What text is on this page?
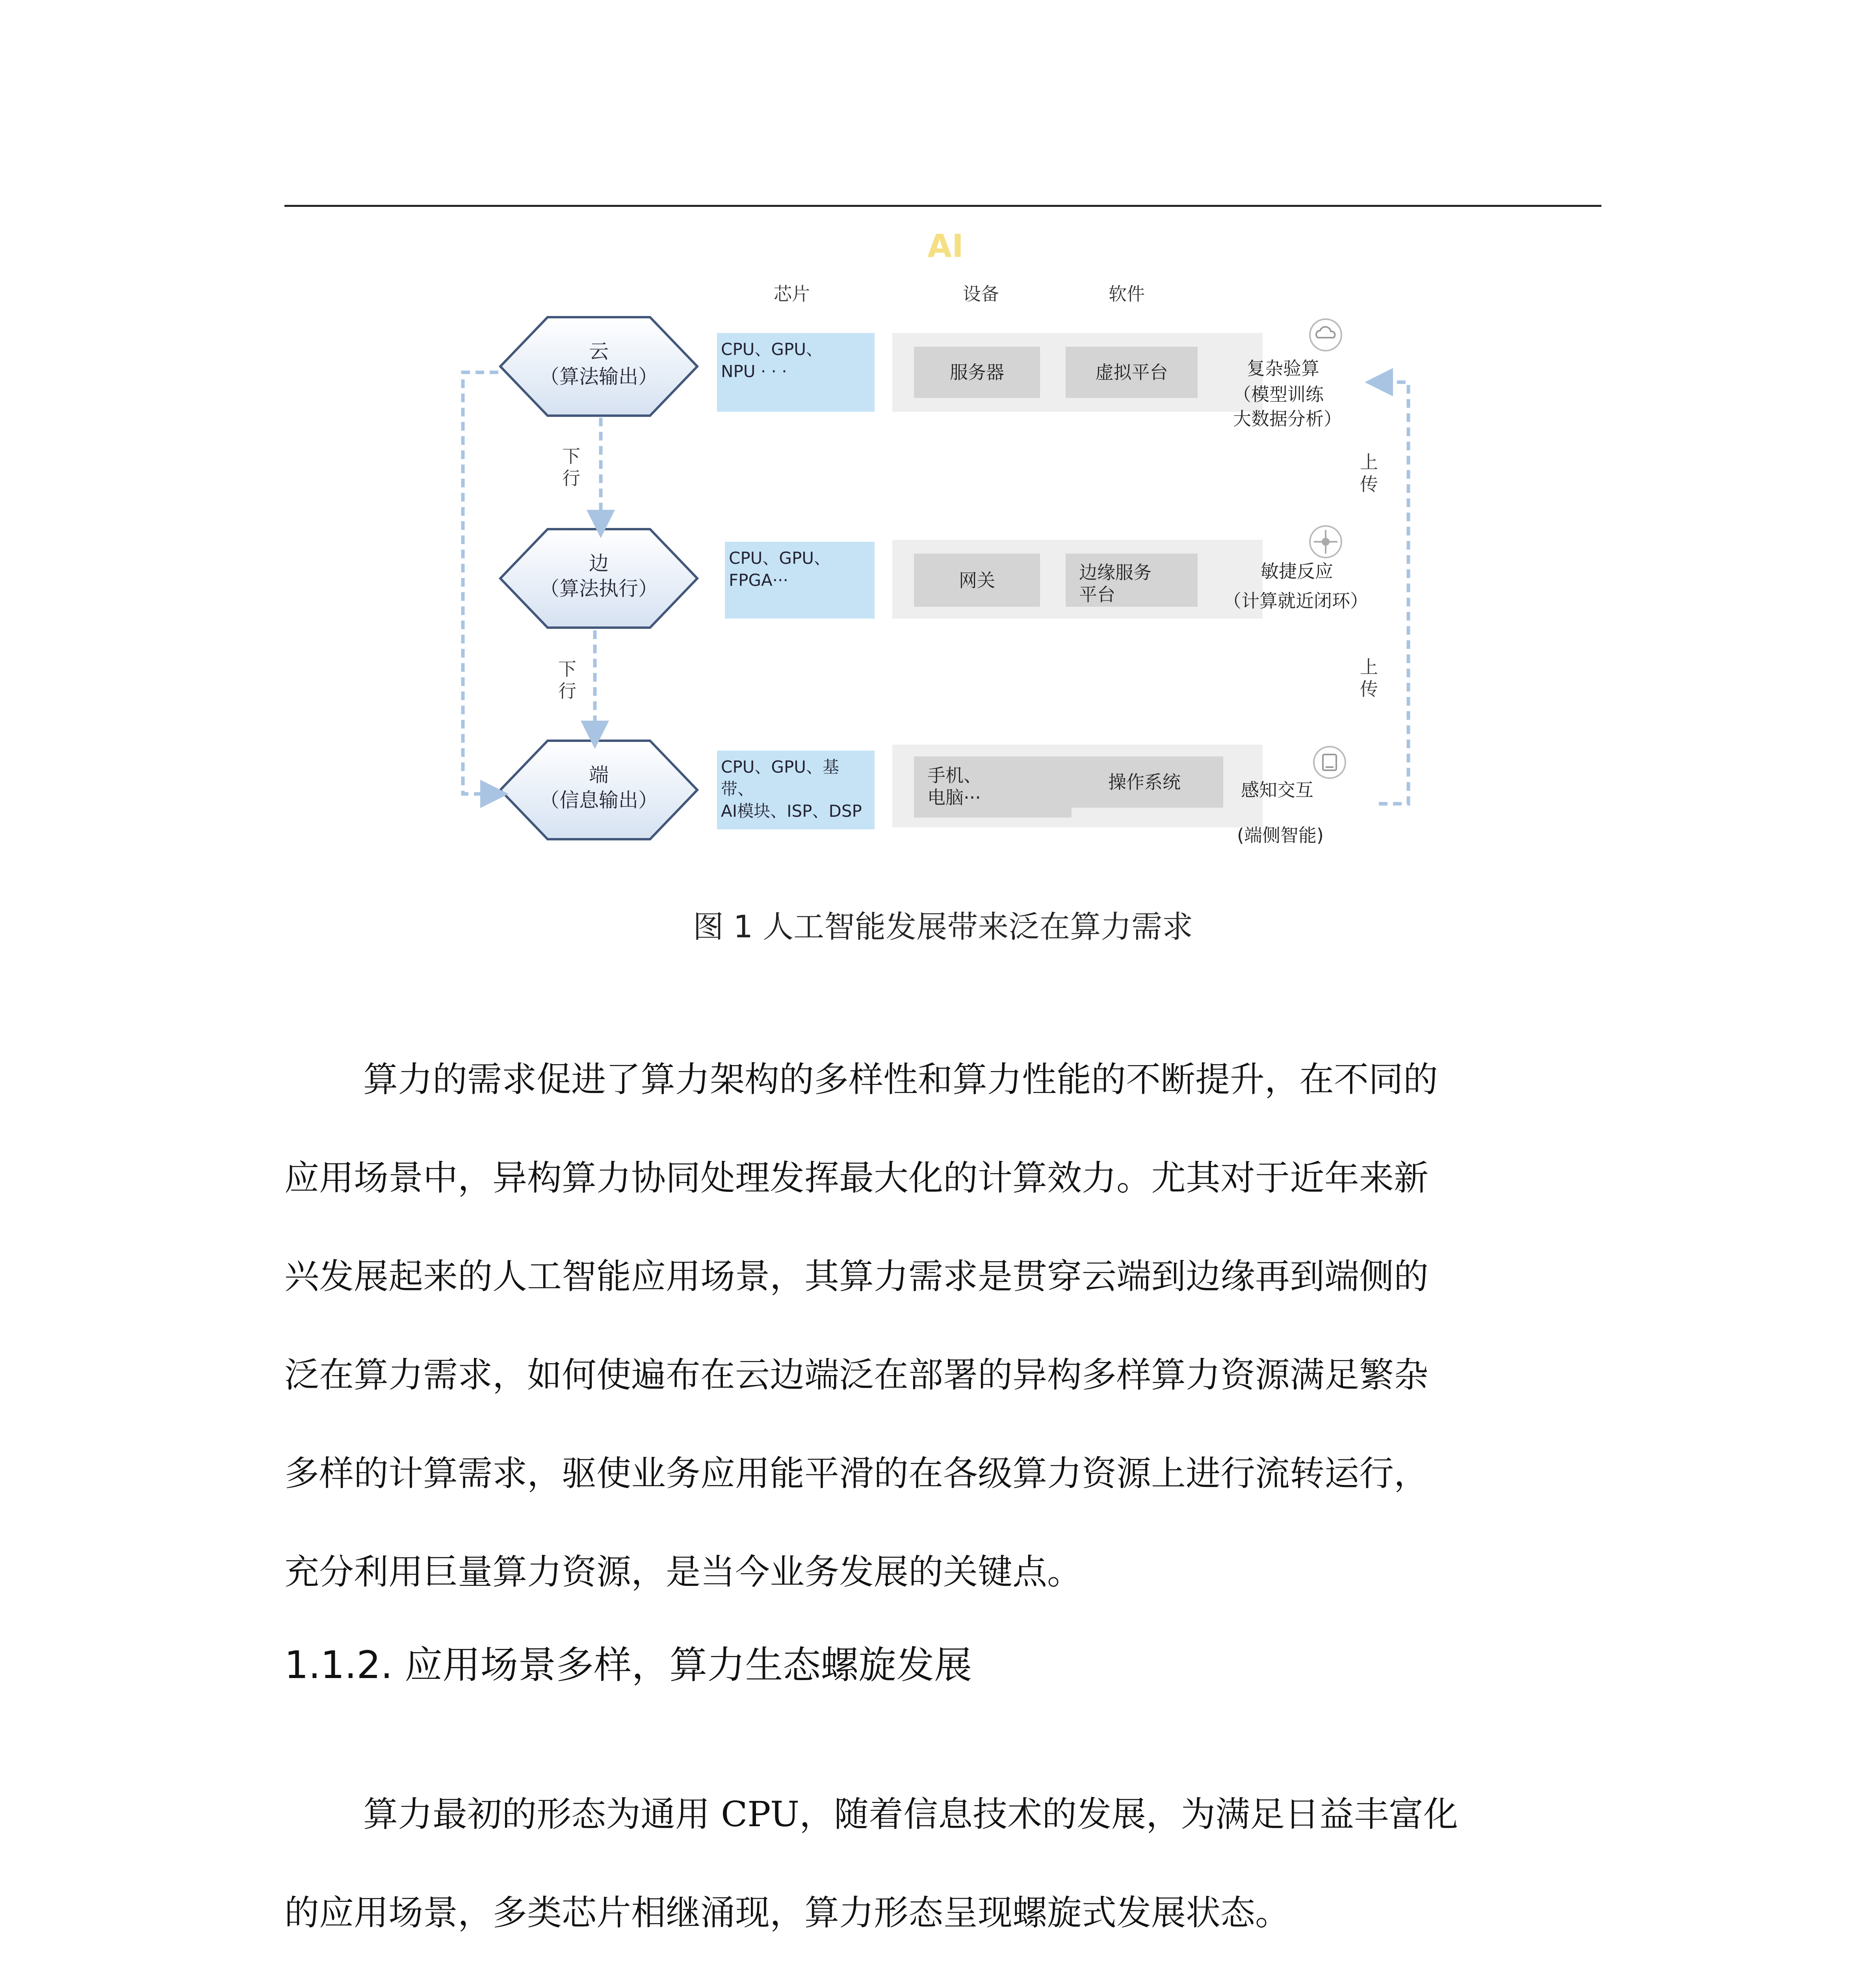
AI
芯片	设备	软件
云
（算法输出）
边
（算法执行）
端
（信息输出）
下
行
下
行
上
传
上
传
CPU、GPU、
NPU · · ·
CPU、GPU、
FPGA···
CPU、GPU、基带、
AI模块、ISP、DSP
服务器	虚拟平台
网关	边缘服务
平台
手机、
电脑···
操作系统
复杂验算
（模型训练
大数据分析）
敏捷反应
（计算就近闭环）
感知交互
(端侧智能)
图 1 人工智能发展带来泛在算力需求
算力的需求促进了算力架构的多样性和算力性能的不断提升，在不同的
应用场景中，异构算力协同处理发挥最大化的计算效力。尤其对于近年来新
兴发展起来的人工智能应用场景，其算力需求是贯穿云端到边缘再到端侧的
泛在算力需求，如何使遍布在云边端泛在部署的异构多样算力资源满足繁杂
多样的计算需求，驱使业务应用能平滑的在各级算力资源上进行流转运行，
充分利用巨量算力资源，是当今业务发展的关键点。
1.1.2. 应用场景多样，算力生态螺旋发展
算力最初的形态为通用 CPU，随着信息技术的发展，为满足日益丰富化
的应用场景，多类芯片相继涌现，算力形态呈现螺旋式发展状态。
